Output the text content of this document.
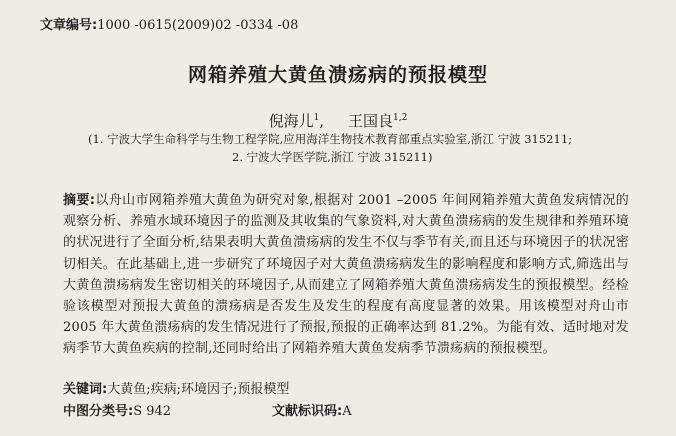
文章编号:1000 -0615(2009)02 -0334 -08
网箱养殖大黄鱼溃疡病的预报模型
倪海儿$^1$,     王国良$^{1,2}$
(1. 宁波大学生命科学与生物工程学院,应用海洋生物技术教育部重点实验室,浙江 宁波 315211;
2. 宁波大学医学院,浙江 宁波 315211)
摘要:以舟山市网箱养殖大黄鱼为研究对象,根据对 2001 –2005 年间网箱养殖大黄鱼发病情况的观察分析、养殖水域环境因子的监测及其收集的气象资料,对大黄鱼溃疡病的发生规律和养殖环境的状况进行了全面分析,结果表明大黄鱼溃疡病的发生不仅与季节有关,而且还与环境因子的状况密切相关。在此基础上,进一步研究了环境因子对大黄鱼溃疡病发生的影响程度和影响方式,筛选出与大黄鱼溃疡病发生密切相关的环境因子,从而建立了网箱养殖大黄鱼溃疡病发生的预报模型。经检验该模型对预报大黄鱼的溃疡病是否发生及发生的程度有高度显著的效果。用该模型对舟山市 2005 年大黄鱼溃疡病的发生情况进行了预报,预报的正确率达到 81.2%。为能有效、适时地对发病季节大黄鱼疾病的控制,还同时给出了网箱养殖大黄鱼发病季节溃疡病的预报模型。
关键词:大黄鱼;疾病;环境因子;预报模型
中图分类号:S 942	文献标识码:A
